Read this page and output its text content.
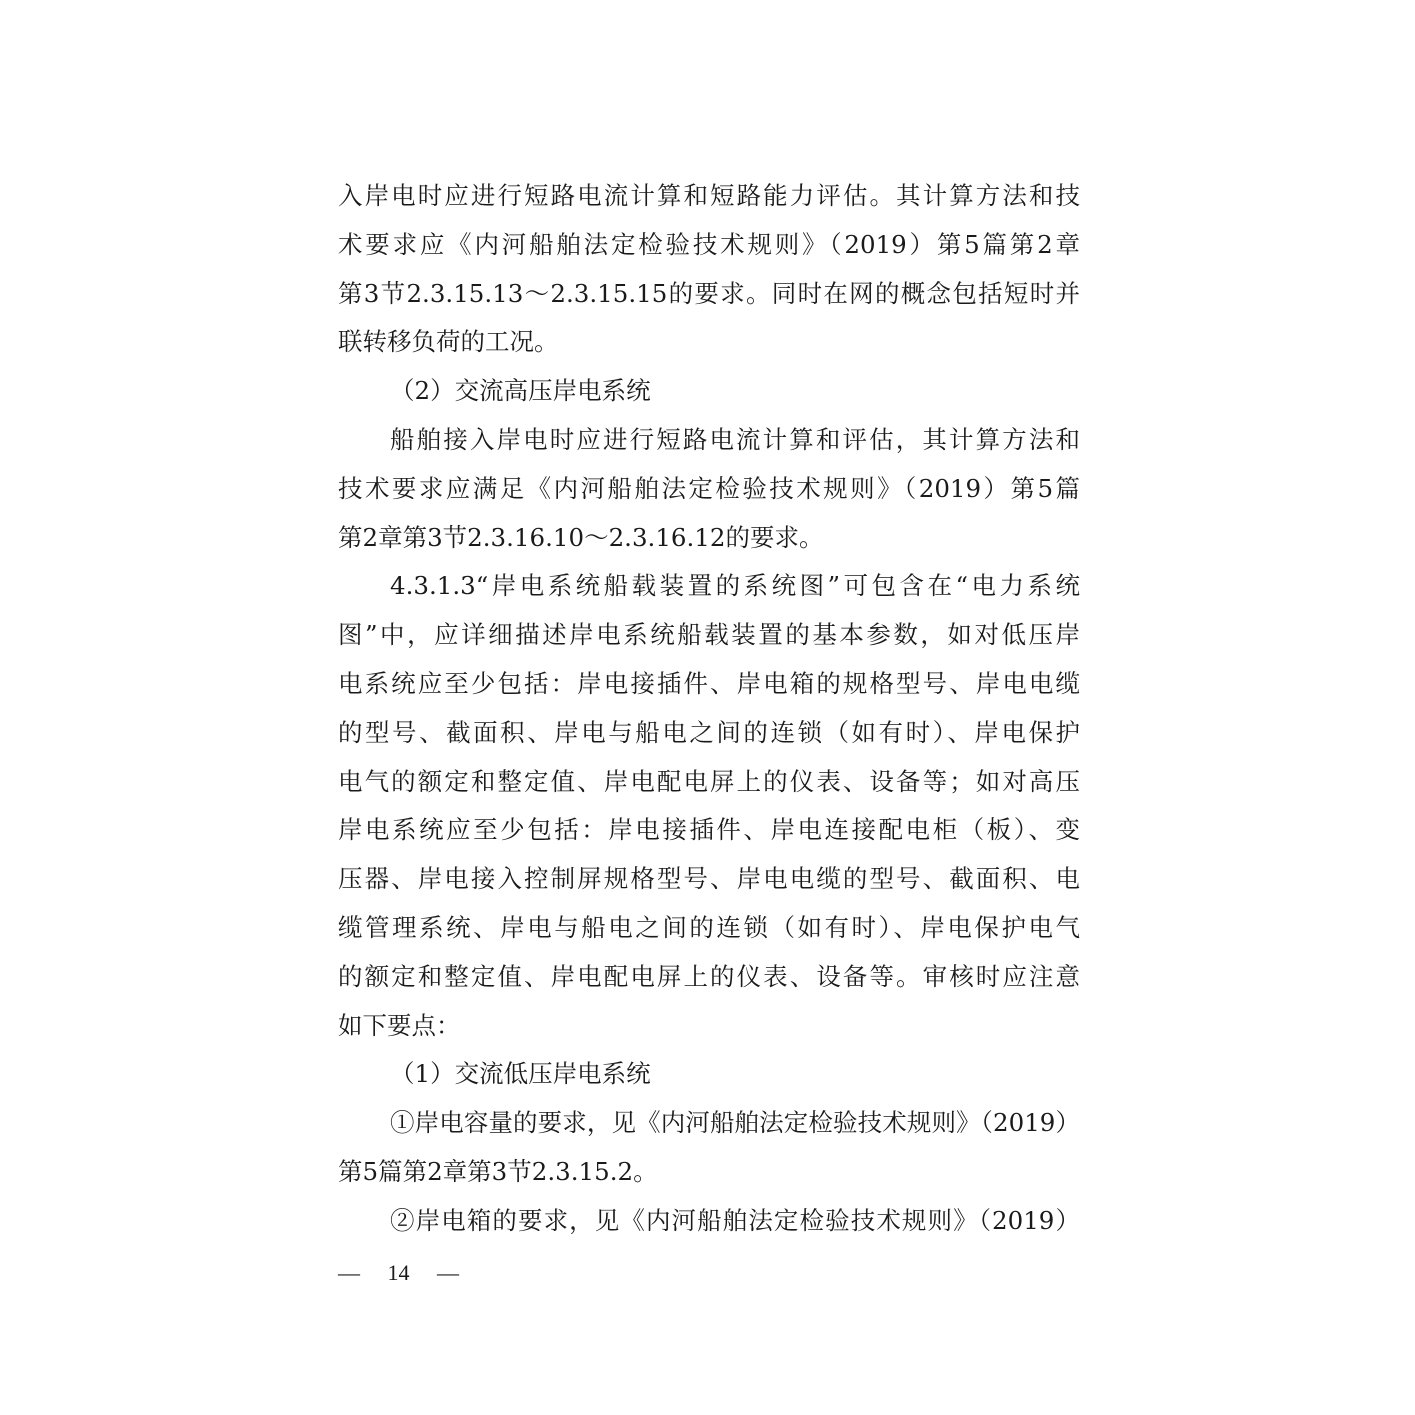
入岸电时应进行短路电流计算和短路能力评估。其计算方法和技
术要求应《内河船舶法定检验技术规则》（2019）第5篇第2章
第3节2.3.15.13～2.3.15.15的要求。同时在网的概念包括短时并
联转移负荷的工况。
（2）交流高压岸电系统
船舶接入岸电时应进行短路电流计算和评估，其计算方法和
技术要求应满足《内河船舶法定检验技术规则》（2019）第5篇
第2章第3节2.3.16.10～2.3.16.12的要求。
4.3.1.3“岸电系统船载装置的系统图”可包含在“电力系统
图”中，应详细描述岸电系统船载装置的基本参数，如对低压岸
电系统应至少包括：岸电接插件、岸电箱的规格型号、岸电电缆
的型号、截面积、岸电与船电之间的连锁（如有时）、岸电保护
电气的额定和整定值、岸电配电屏上的仪表、设备等；如对高压
岸电系统应至少包括：岸电接插件、岸电连接配电柜（板）、变
压器、岸电接入控制屏规格型号、岸电电缆的型号、截面积、电
缆管理系统、岸电与船电之间的连锁（如有时）、岸电保护电气
的额定和整定值、岸电配电屏上的仪表、设备等。审核时应注意
如下要点：
（1）交流低压岸电系统
①岸电容量的要求，见《内河船舶法定检验技术规则》（2019）
第5篇第2章第3节2.3.15.2。
②岸电箱的要求，见《内河船舶法定检验技术规则》（2019）
— 14 —
